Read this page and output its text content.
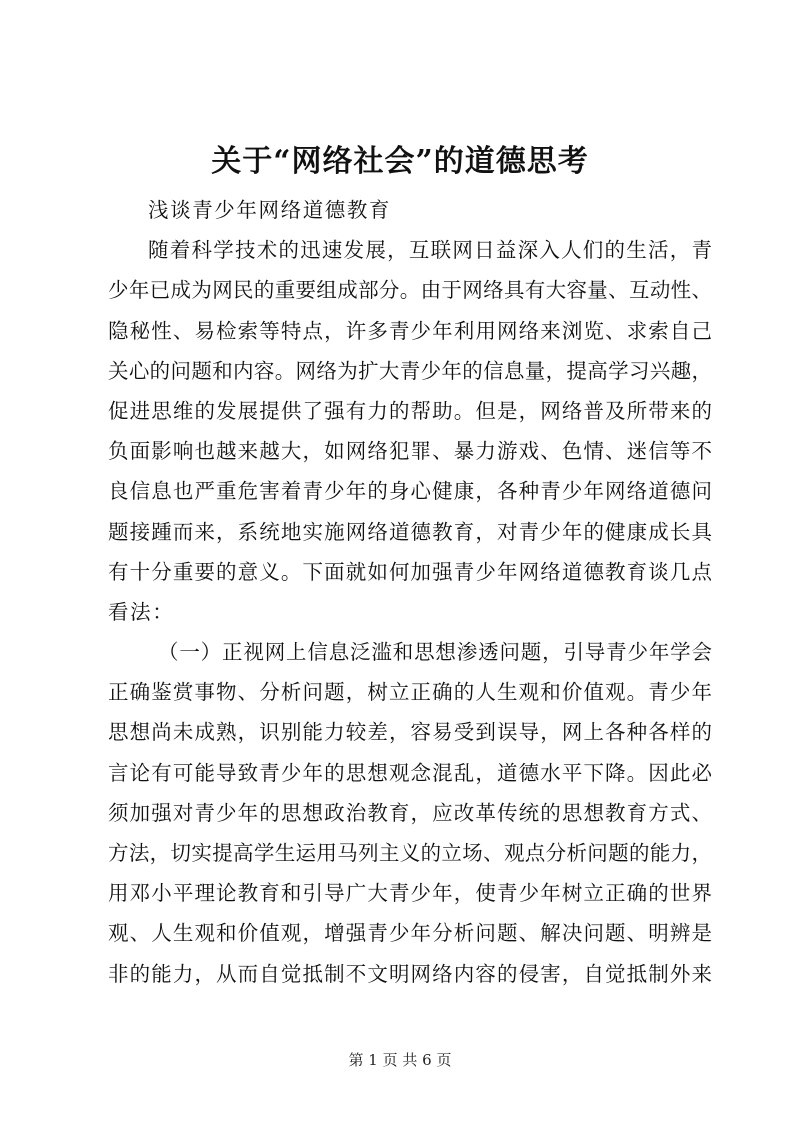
关于“网络社会”的道德思考
浅谈青少年网络道德教育
随着科学技术的迅速发展，互联网日益深入人们的生活，青
少年已成为网民的重要组成部分。由于网络具有大容量、互动性、
隐秘性、易检索等特点，许多青少年利用网络来浏览、求索自己
关心的问题和内容。网络为扩大青少年的信息量，提高学习兴趣，
促进思维的发展提供了强有力的帮助。但是，网络普及所带来的
负面影响也越来越大，如网络犯罪、暴力游戏、色情、迷信等不
良信息也严重危害着青少年的身心健康，各种青少年网络道德问
题接踵而来，系统地实施网络道德教育，对青少年的健康成长具
有十分重要的意义。下面就如何加强青少年网络道德教育谈几点
看法：
（一）正视网上信息泛滥和思想渗透问题，引导青少年学会
正确鉴赏事物、分析问题，树立正确的人生观和价值观。青少年
思想尚未成熟，识别能力较差，容易受到误导，网上各种各样的
言论有可能导致青少年的思想观念混乱，道德水平下降。因此必
须加强对青少年的思想政治教育，应改革传统的思想教育方式、
方法，切实提高学生运用马列主义的立场、观点分析问题的能力，
用邓小平理论教育和引导广大青少年，使青少年树立正确的世界
观、人生观和价值观，增强青少年分析问题、解决问题、明辨是
非的能力，从而自觉抵制不文明网络内容的侵害，自觉抵制外来
第 1 页 共 6 页
